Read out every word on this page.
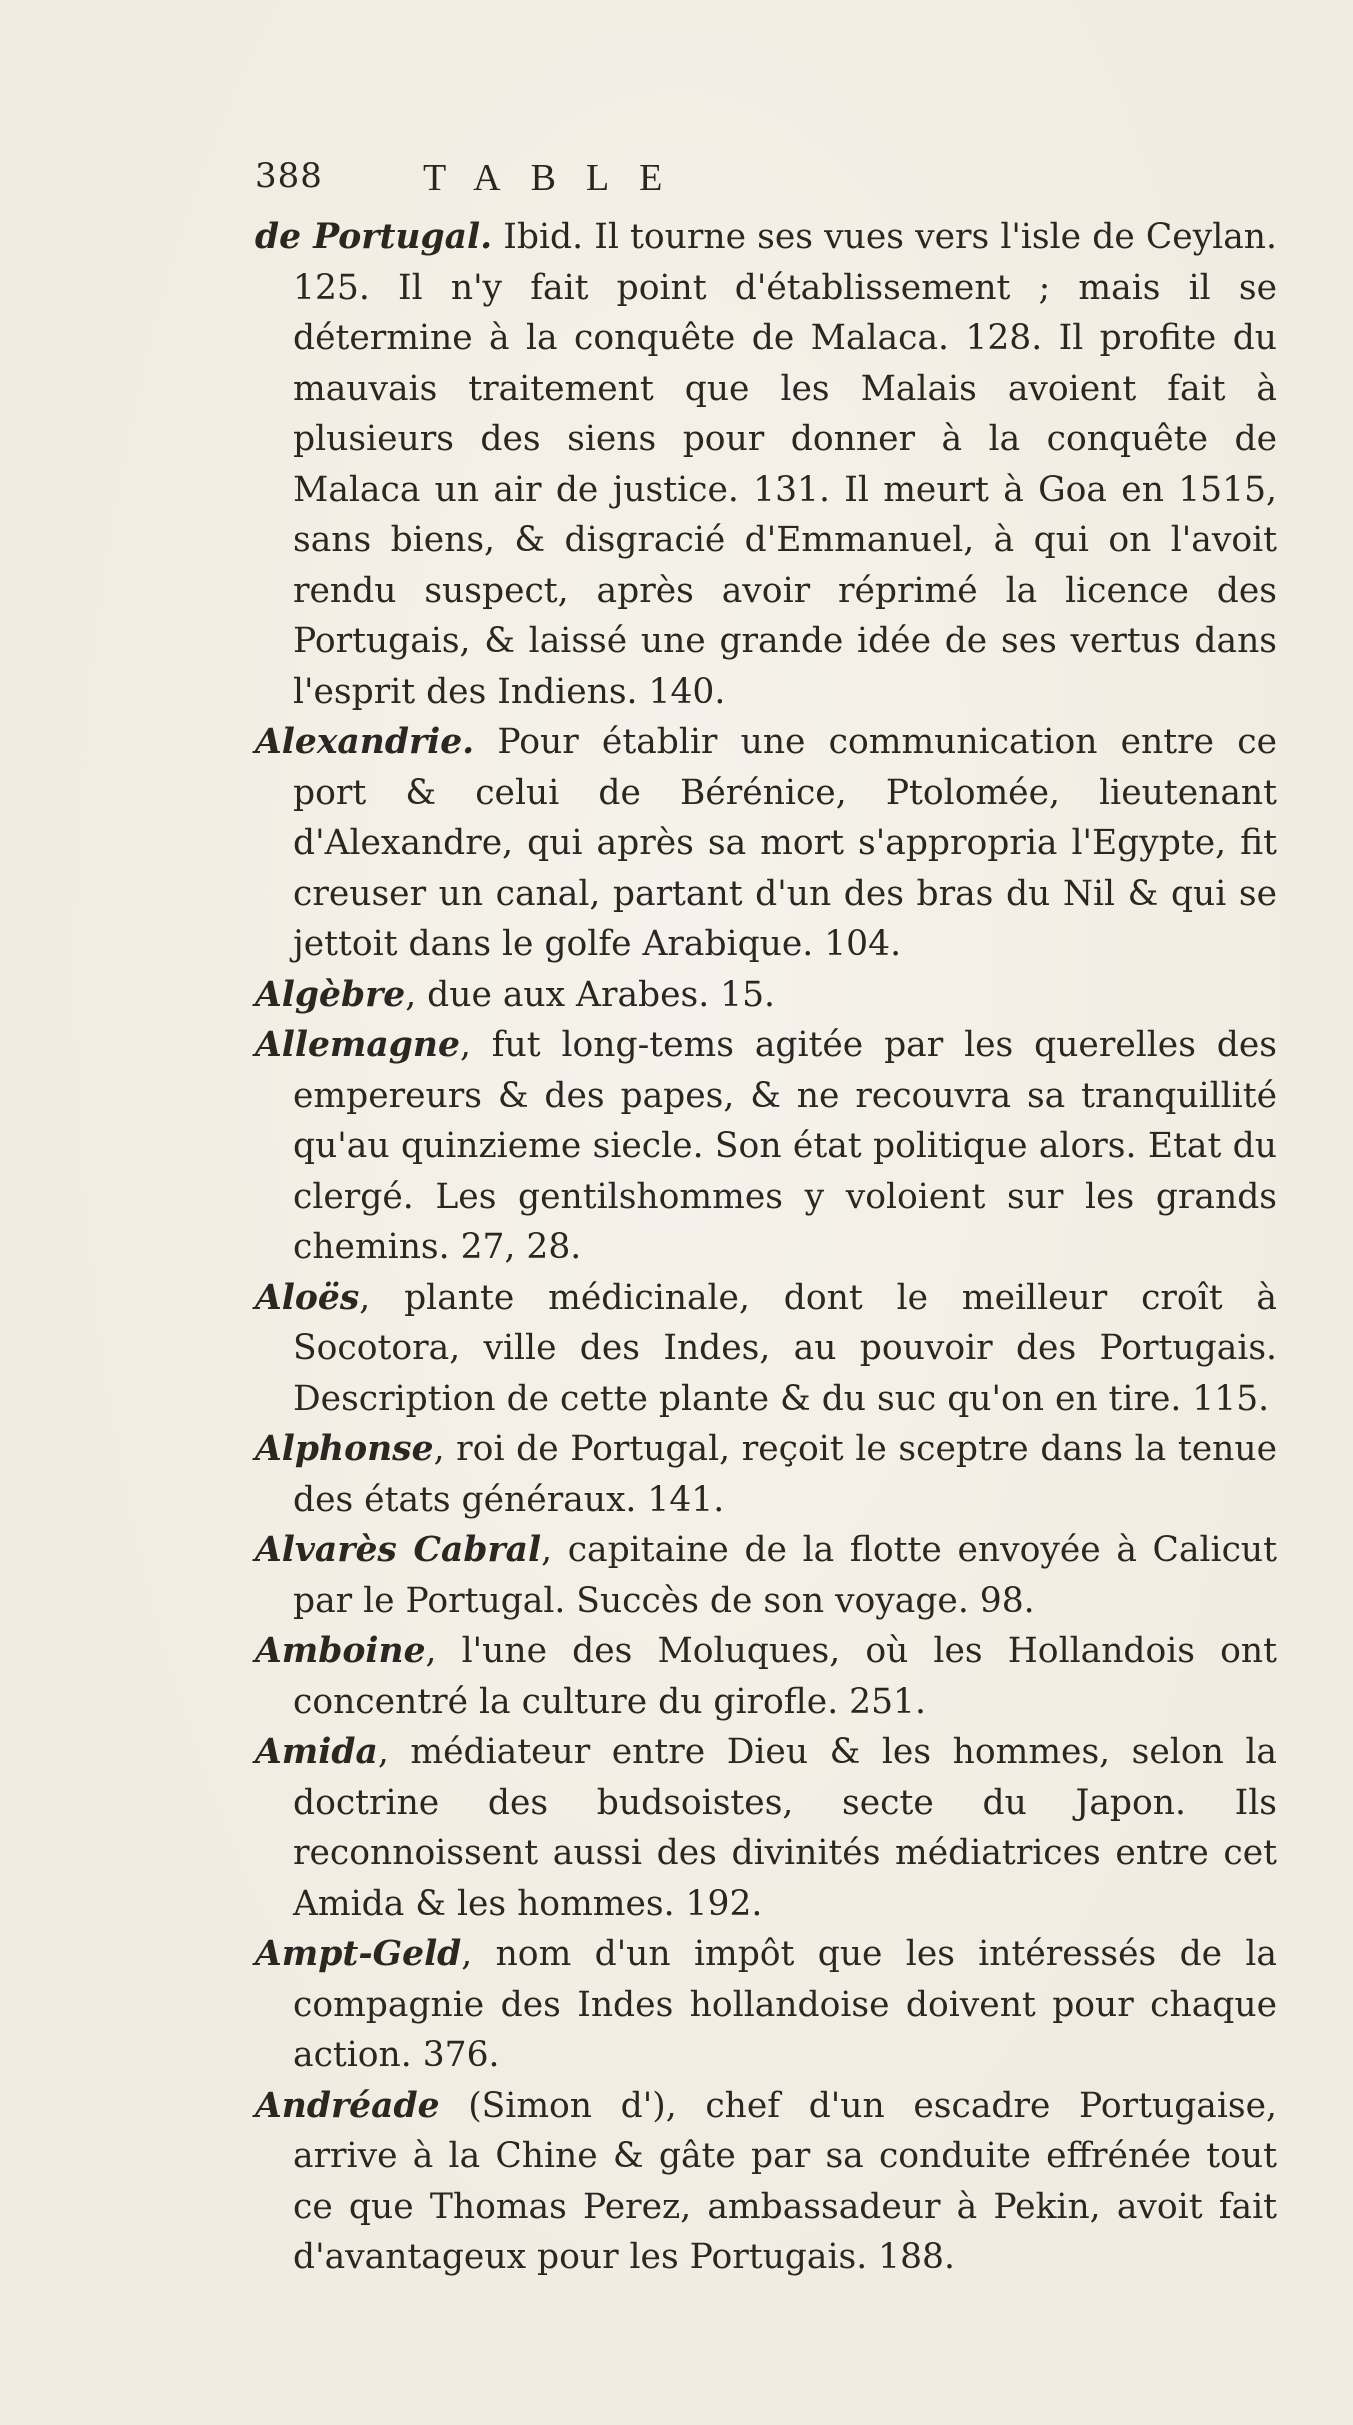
388	TABLE

de Portugal. Ibid. Il tourne ses vues vers l'isle de Ceylan. 125. Il n'y fait point d'établissement ; mais il se détermine à la conquête de Malaca. 128. Il profite du mauvais traitement que les Malais avoient fait à plusieurs des siens pour donner à la conquête de Malaca un air de justice. 131. Il meurt à Goa en 1515, sans biens, & disgracié d'Emmanuel, à qui on l'avoit rendu suspect, après avoir réprimé la licence des Portugais, & laissé une grande idée de ses vertus dans l'esprit des Indiens. 140.

Alexandrie. Pour établir une communication entre ce port & celui de Bérénice, Ptolomée, lieutenant d'Alexandre, qui après sa mort s'appropria l'Egypte, fit creuser un canal, partant d'un des bras du Nil & qui se jettoit dans le golfe Arabique. 104.

Algèbre, due aux Arabes. 15.

Allemagne, fut long-tems agitée par les querelles des empereurs & des papes, & ne recouvra sa tranquillité qu'au quinzieme siecle. Son état politique alors. Etat du clergé. Les gentilshommes y voloient sur les grands chemins. 27, 28.

Aloës, plante médicinale, dont le meilleur croît à Socotora, ville des Indes, au pouvoir des Portugais. Description de cette plante & du suc qu'on en tire. 115.

Alphonse, roi de Portugal, reçoit le sceptre dans la tenue des états généraux. 141.

Alvarès Cabral, capitaine de la flotte envoyée à Calicut par le Portugal. Succès de son voyage. 98.

Amboine, l'une des Moluques, où les Hollandois ont concentré la culture du girofle. 251.

Amida, médiateur entre Dieu & les hommes, selon la doctrine des budsoistes, secte du Japon. Ils reconnoissent aussi des divinités médiatrices entre cet Amida & les hommes. 192.

Ampt-Geld, nom d'un impôt que les intéressés de la compagnie des Indes hollandoise doivent pour chaque action. 376.

Andréade (Simon d'), chef d'un escadre Portugaise, arrive à la Chine & gâte par sa conduite effrénée tout ce que Thomas Perez, ambassadeur à Pekin, avoit fait d'avantageux pour les Portugais. 188.
